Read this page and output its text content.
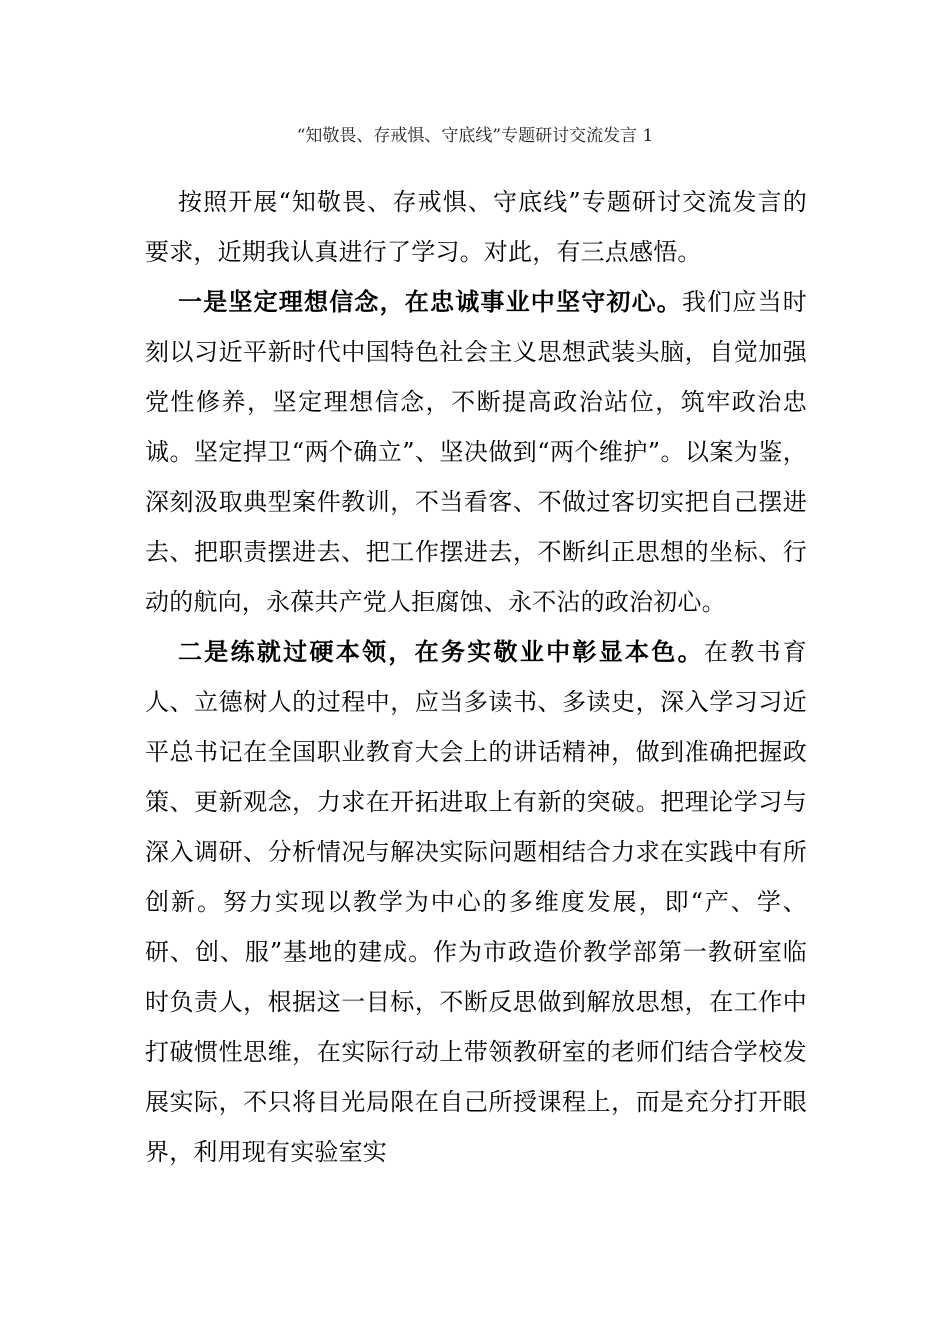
“知敬畏、存戒惧、守底线”专题研讨交流发言 1

按照开展“知敬畏、存戒惧、守底线”专题研讨交流发言的要求，近期我认真进行了学习。对此，有三点感悟。

一是坚定理想信念，在忠诚事业中坚守初心。我们应当时刻以习近平新时代中国特色社会主义思想武装头脑，自觉加强党性修养，坚定理想信念，不断提高政治站位，筑牢政治忠诚。坚定捍卫“两个确立”、坚决做到“两个维护”。以案为鉴，深刻汲取典型案件教训，不当看客、不做过客切实把自己摆进去、把职责摆进去、把工作摆进去，不断纠正思想的坐标、行动的航向，永葆共产党人拒腐蚀、永不沾的政治初心。

二是练就过硬本领，在务实敬业中彰显本色。在教书育人、立德树人的过程中，应当多读书、多读史，深入学习习近平总书记在全国职业教育大会上的讲话精神，做到准确把握政策、更新观念，力求在开拓进取上有新的突破。把理论学习与深入调研、分析情况与解决实际问题相结合力求在实践中有所创新。努力实现以教学为中心的多维度发展，即“产、学、研、创、服”基地的建成。作为市政造价教学部第一教研室临时负责人，根据这一目标，不断反思做到解放思想，在工作中打破惯性思维，在实际行动上带领教研室的老师们结合学校发展实际，不只将目光局限在自己所授课程上，而是充分打开眼界，利用现有实验室实
